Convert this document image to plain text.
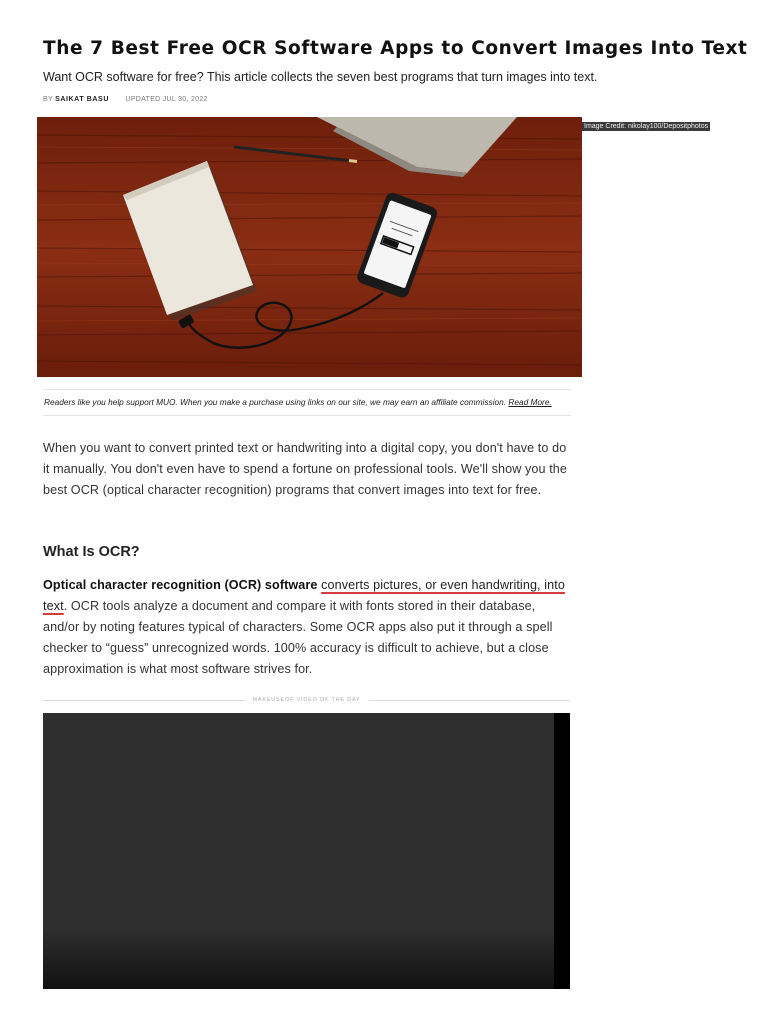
The 7 Best Free OCR Software Apps to Convert Images Into Text
Want OCR software for free? This article collects the seven best programs that turn images into text.
BY SAIKAT BASU UPDATED JUL 30, 2022
Image Credit: nikolay100/Depositphotos
Readers like you help support MUO. When you make a purchase using links on our site, we may earn an affiliate commission. Read More.

When you want to convert printed text or handwriting into a digital copy, you don't have to do it manually. You don't even have to spend a fortune on professional tools. We'll show you the best OCR (optical character recognition) programs that convert images into text for free.

What Is OCR?

Optical character recognition (OCR) software converts pictures, or even handwriting, into text. OCR tools analyze a document and compare it with fonts stored in their database, and/or by noting features typical of characters. Some OCR apps also put it through a spell checker to “guess” unrecognized words. 100% accuracy is difficult to achieve, but a close approximation is what most software strives for.

MAKEUSEOF VIDEO OF THE DAY
